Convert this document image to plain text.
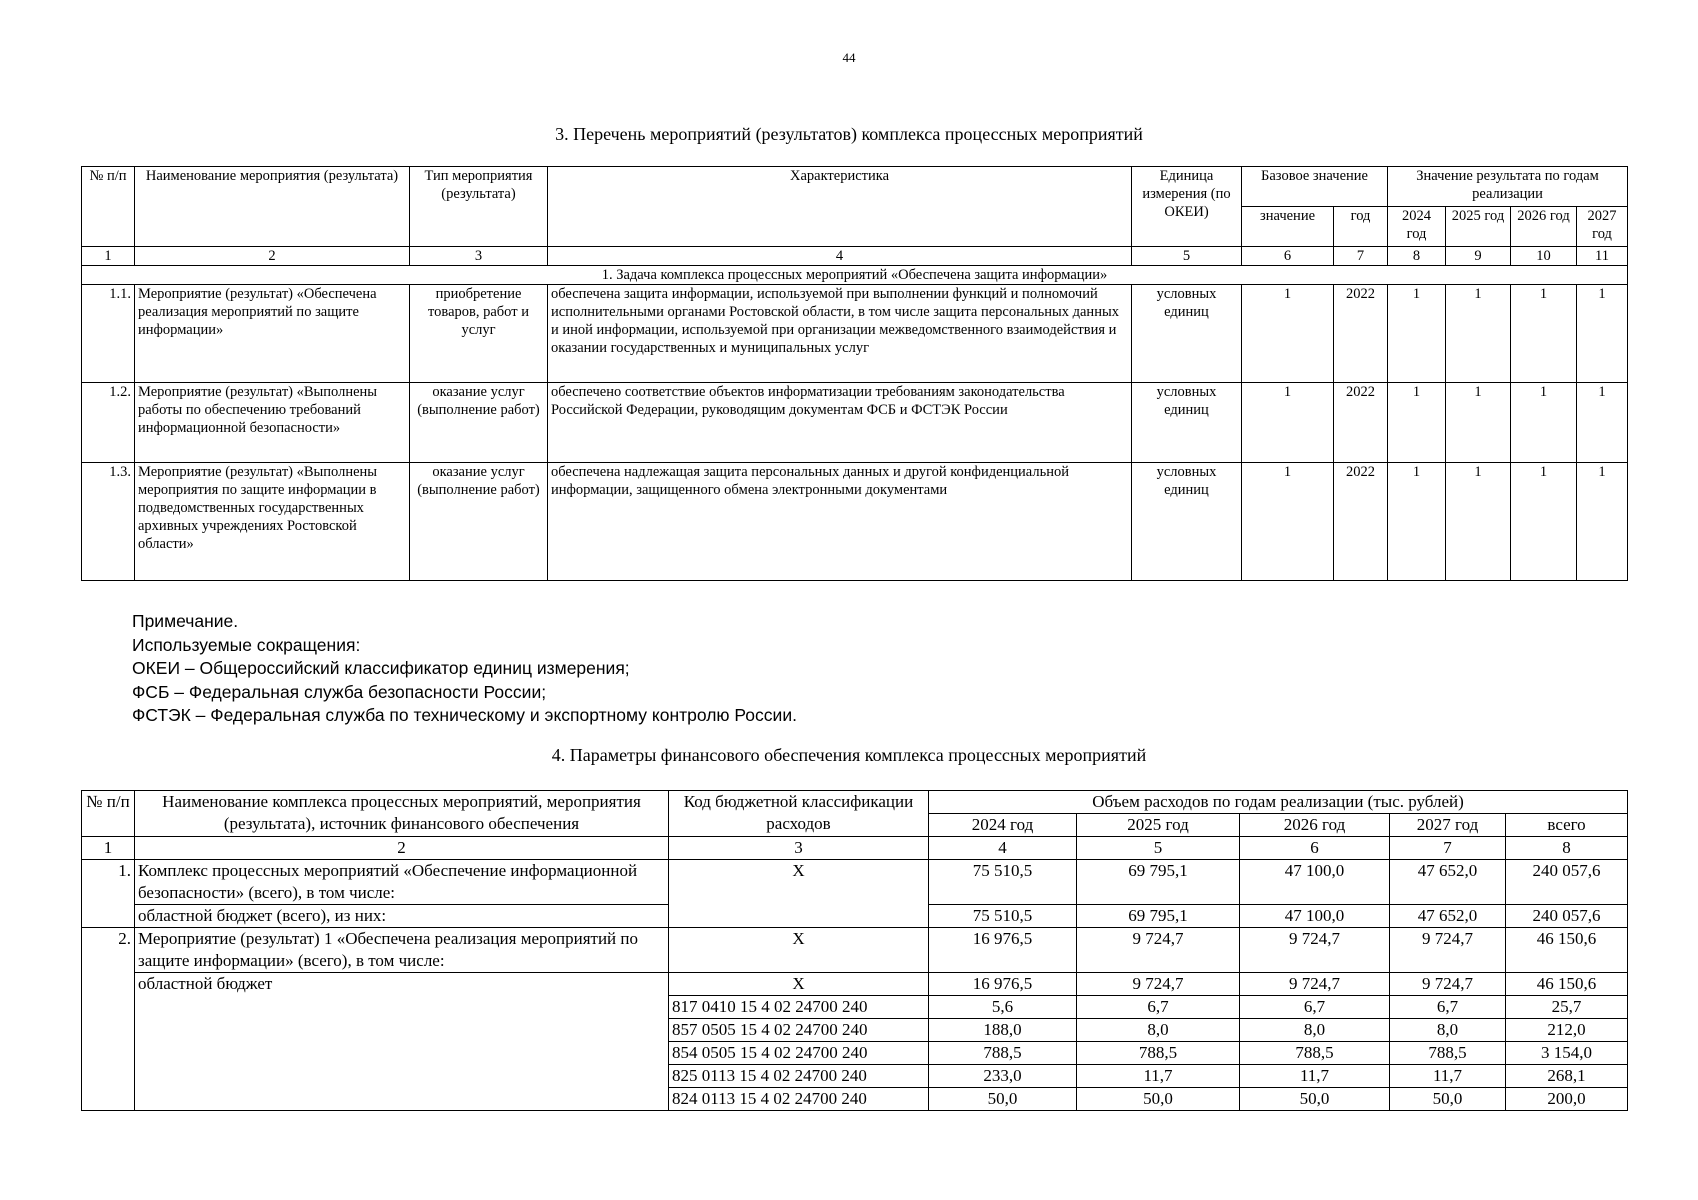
44
3. Перечень мероприятий (результатов) комплекса процессных мероприятий
№ п/п	Наименование мероприятия (результата)	Тип мероприятия (результата)	Характеристика	Единица измерения (по ОКЕИ)	Базовое значение		Значение результата по годам реализации			
					значение	год	2024 год	2025 год	2026 год	2027 год
1	2	3	4	5	6	7	8	9	10	11
1. Задача комплекса процессных мероприятий «Обеспечена защита информации»										
1.1.	Мероприятие (результат) «Обеспечена реализация мероприятий по защите информации»	приобретение товаров, работ и услуг	обеспечена защита информации, используемой при выполнении функций и полномочий исполнительными органами Ростовской области, в том числе защита персональных данных и иной информации, используемой при организации межведомственного взаимодействия и оказании государственных и муниципальных услуг	условных единиц	1	2022	1	1	1	1
1.2.	Мероприятие (результат) «Выполнены работы по обеспечению требований информационной безопасности»	оказание услуг (выполнение работ)	обеспечено соответствие объектов информатизации требованиям законодательства Российской Федерации, руководящим документам ФСБ и ФСТЭК России	условных единиц	1	2022	1	1	1	1
1.3.	Мероприятие (результат) «Выполнены мероприятия по защите информации в подведомственных государственных архивных учреждениях Ростовской области»	оказание услуг (выполнение работ)	обеспечена надлежащая защита персональных данных и другой конфиденциальной информации, защищенного обмена электронными документами	условных единиц	1	2022	1	1	1	1
Примечание.
Используемые сокращения:
ОКЕИ – Общероссийский классификатор единиц измерения;
ФСБ – Федеральная служба безопасности России;
ФСТЭК – Федеральная служба по техническому и экспортному контролю России.
4. Параметры финансового обеспечения комплекса процессных мероприятий
№ п/п	Наименование комплекса процессных мероприятий, мероприятия (результата), источник финансового обеспечения	Код бюджетной классификации расходов	Объем расходов по годам реализации (тыс. рублей)				
			2024 год	2025 год	2026 год	2027 год	всего
1	2	3	4	5	6	7	8
1.	Комплекс процессных мероприятий «Обеспечение информационной безопасности» (всего), в том числе:	Х	75 510,5	69 795,1	47 100,0	47 652,0	240 057,6
	областной бюджет (всего), из них:		75 510,5	69 795,1	47 100,0	47 652,0	240 057,6
2.	Мероприятие (результат) 1 «Обеспечена реализация мероприятий по защите информации» (всего), в том числе:	Х	16 976,5	9 724,7	9 724,7	9 724,7	46 150,6
	областной бюджет	Х	16 976,5	9 724,7	9 724,7	9 724,7	46 150,6
		817 0410 15 4 02 24700 240	5,6	6,7	6,7	6,7	25,7
		857 0505 15 4 02 24700 240	188,0	8,0	8,0	8,0	212,0
		854 0505 15 4 02 24700 240	788,5	788,5	788,5	788,5	3 154,0
		825 0113 15 4 02 24700 240	233,0	11,7	11,7	11,7	268,1
		824 0113 15 4 02 24700 240	50,0	50,0	50,0	50,0	200,0
